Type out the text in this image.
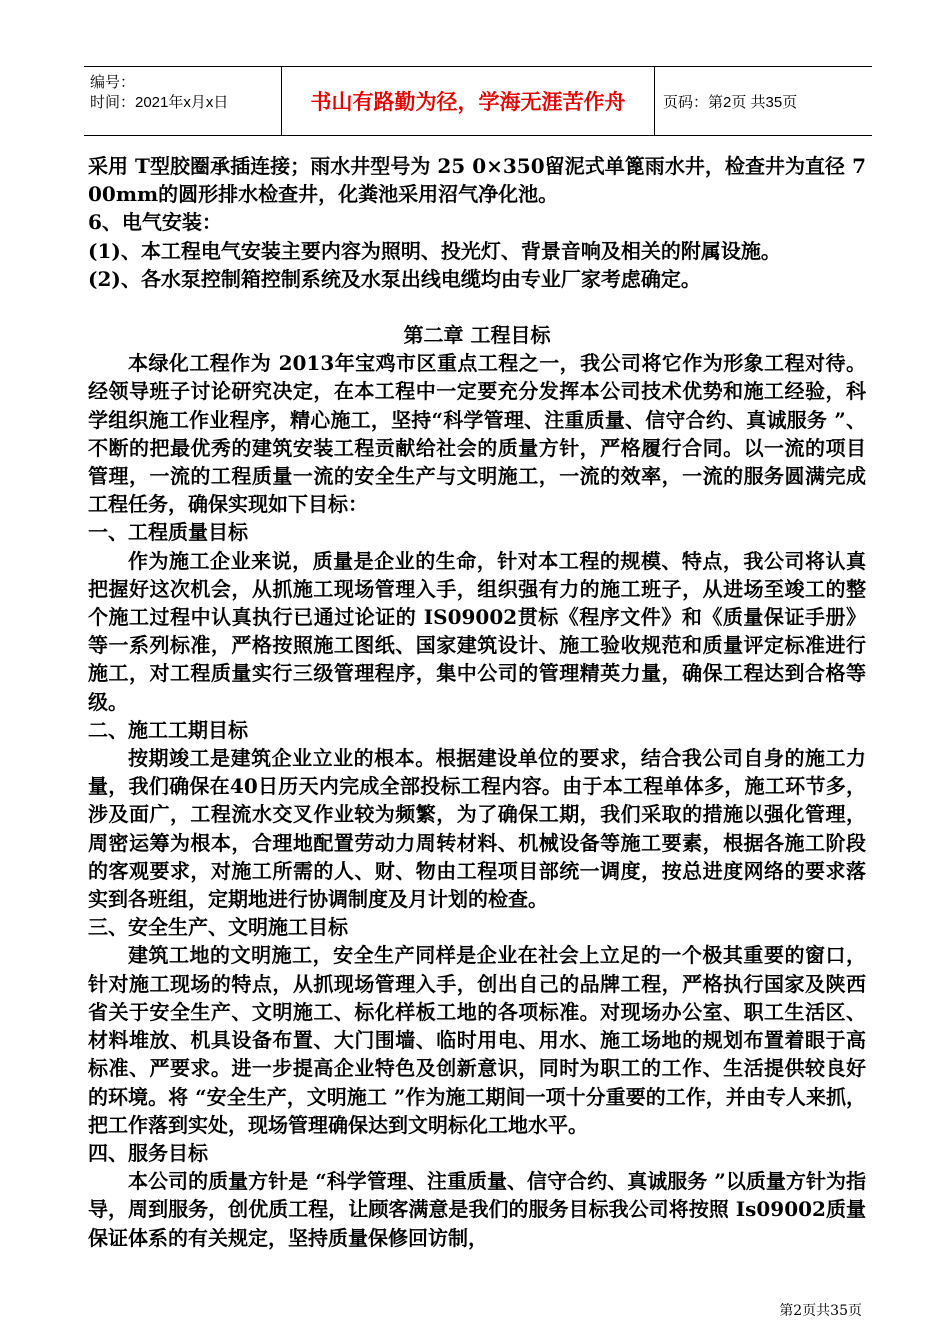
编号：
时间：2021年x月x日	书山有路勤为径，学海无涯苦作舟	页码：第2页 共35页

采用 T型胶圈承插连接；雨水井型号为 25 0×350留泥式单篦雨水井，检查井为直径 7 00mm的圆形排水检查井，化粪池采用沼气净化池。

6、电气安装：

(1)、本工程电气安装主要内容为照明、投光灯、背景音响及相关的附属设施。

(2)、各水泵控制箱控制系统及水泵出线电缆均由专业厂家考虑确定。

第二章 工程目标

本绿化工程作为 2013年宝鸡市区重点工程之一，我公司将它作为形象工程对待。经领导班子讨论研究决定，在本工程中一定要充分发挥本公司技术优势和施工经验，科学组织施工作业程序，精心施工，坚持“科学管理、注重质量、信守合约、真诚服务 ”、不断的把最优秀的建筑安装工程贡献给社会的质量方针，严格履行合同。以一流的项目管理，一流的工程质量一流的安全生产与文明施工，一流的效率，一流的服务圆满完成工程任务，确保实现如下目标：

一、工程质量目标

作为施工企业来说，质量是企业的生命，针对本工程的规模、特点，我公司将认真把握好这次机会，从抓施工现场管理入手，组织强有力的施工班子，从进场至竣工的整个施工过程中认真执行已通过论证的 IS09002贯标《程序文件》和《质量保证手册》等一系列标准，严格按照施工图纸、国家建筑设计、施工验收规范和质量评定标准进行施工，对工程质量实行三级管理程序，集中公司的管理精英力量，确保工程达到合格等级。

二、施工工期目标

按期竣工是建筑企业立业的根本。根据建设单位的要求，结合我公司自身的施工力量，我们确保在40日历天内完成全部投标工程内容。由于本工程单体多，施工环节多，涉及面广，工程流水交叉作业较为频繁，为了确保工期，我们采取的措施以强化管理，周密运筹为根本，合理地配置劳动力周转材料、机械设备等施工要素，根据各施工阶段的客观要求，对施工所需的人、财、物由工程项目部统一调度，按总进度网络的要求落实到各班组，定期地进行协调制度及月计划的检查。

三、安全生产、文明施工目标

建筑工地的文明施工，安全生产同样是企业在社会上立足的一个极其重要的窗口，针对施工现场的特点，从抓现场管理入手，创出自己的品牌工程，严格执行国家及陕西省关于安全生产、文明施工、标化样板工地的各项标准。对现场办公室、职工生活区、材料堆放、机具设备布置、大门围墙、临时用电、用水、施工场地的规划布置着眼于高标准、严要求。进一步提高企业特色及创新意识，同时为职工的工作、生活提供较良好的环境。将 “安全生产，文明施工 ”作为施工期间一项十分重要的工作，并由专人来抓，把工作落到实处，现场管理确保达到文明标化工地水平。

四、服务目标

本公司的质量方针是 “科学管理、注重质量、信守合约、真诚服务 ”以质量方针为指导，周到服务，创优质工程，让顾客满意是我们的服务目标我公司将按照 Is09002质量保证体系的有关规定，坚持质量保修回访制，

第2页共35页
